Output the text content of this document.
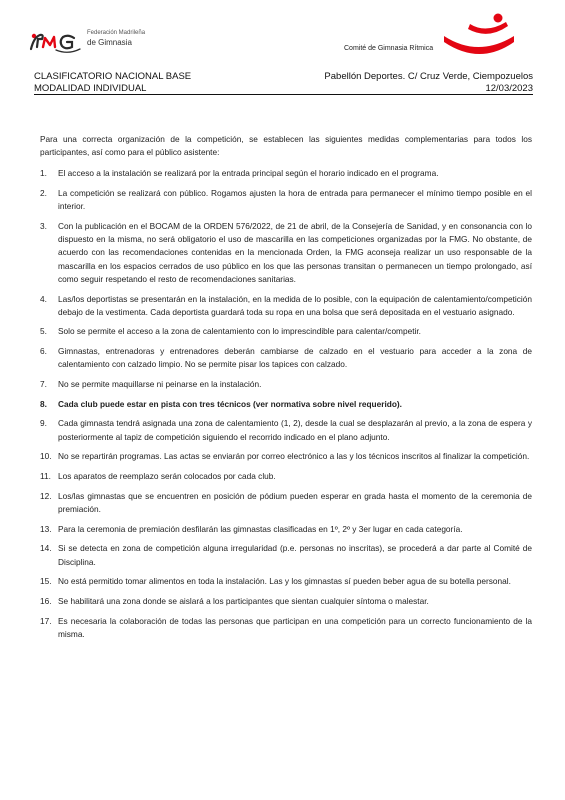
Federación Madrileña
de Gimnasia
Comité de Gimnasia Rítmica
CLASIFICATORIO NACIONAL BASE
MODALIDAD INDIVIDUAL
Pabellón Deportes. C/ Cruz Verde, Ciempozuelos
12/03/2023

Para una correcta organización de la competición, se establecen las siguientes medidas complementarias para todos los participantes, así como para el público asistente:

1. El acceso a la instalación se realizará por la entrada principal según el horario indicado en el programa.
2. La competición se realizará con público. Rogamos ajusten la hora de entrada para permanecer el mínimo tiempo posible en el interior.
3. Con la publicación en el BOCAM de la ORDEN 576/2022, de 21 de abril, de la Consejería de Sanidad, y en consonancia con lo dispuesto en la misma, no será obligatorio el uso de mascarilla en las competiciones organizadas por la FMG. No obstante, de acuerdo con las recomendaciones contenidas en la mencionada Orden, la FMG aconseja realizar un uso responsable de la mascarilla en los espacios cerrados de uso público en los que las personas transitan o permanecen un tiempo prolongado, así como seguir respetando el resto de recomendaciones sanitarias.
4. Las/los deportistas se presentarán en la instalación, en la medida de lo posible, con la equipación de calentamiento/competición debajo de la vestimenta. Cada deportista guardará toda su ropa en una bolsa que será depositada en el vestuario asignado.
5. Solo se permite el acceso a la zona de calentamiento con lo imprescindible para calentar/competir.
6. Gimnastas, entrenadoras y entrenadores deberán cambiarse de calzado en el vestuario para acceder a la zona de calentamiento con calzado limpio. No se permite pisar los tapices con calzado.
7. No se permite maquillarse ni peinarse en la instalación.
8. Cada club puede estar en pista con tres técnicos (ver normativa sobre nivel requerido).
9. Cada gimnasta tendrá asignada una zona de calentamiento (1, 2), desde la cual se desplazarán al previo, a la zona de espera y posteriormente al tapiz de competición siguiendo el recorrido indicado en el plano adjunto.
10. No se repartirán programas. Las actas se enviarán por correo electrónico a las y los técnicos inscritos al finalizar la competición.
11. Los aparatos de reemplazo serán colocados por cada club.
12. Los/las gimnastas que se encuentren en posición de pódium pueden esperar en grada hasta el momento de la ceremonia de premiación.
13. Para la ceremonia de premiación desfilarán las gimnastas clasificadas en 1º, 2º y 3er lugar en cada categoría.
14. Si se detecta en zona de competición alguna irregularidad (p.e. personas no inscritas), se procederá a dar parte al Comité de Disciplina.
15. No está permitido tomar alimentos en toda la instalación. Las y los gimnastas sí pueden beber agua de su botella personal.
16. Se habilitará una zona donde se aislará a los participantes que sientan cualquier síntoma o malestar.
17. Es necesaria la colaboración de todas las personas que participan en una competición para un correcto funcionamiento de la misma.
